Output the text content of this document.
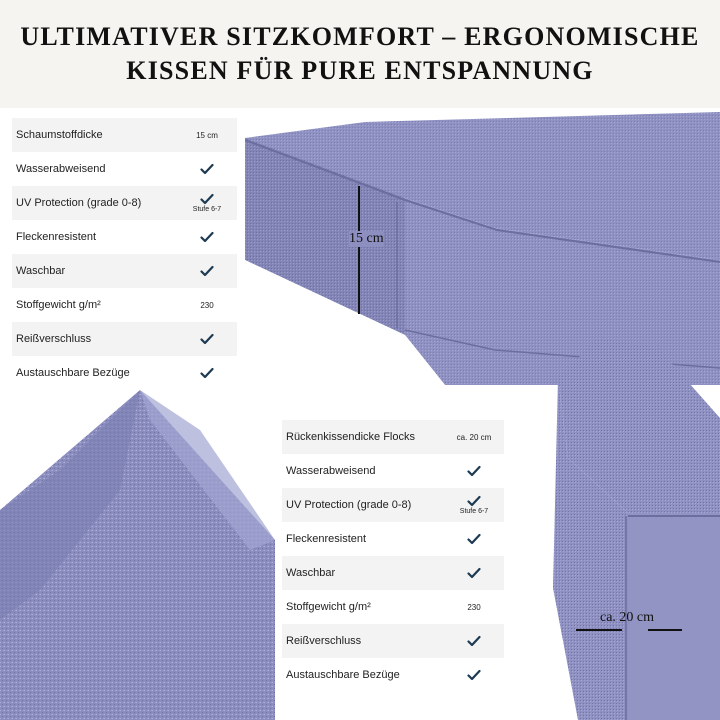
ULTIMATIVER SITZKOMFORT – ERGONOMISCHE
KISSEN FÜR PURE ENTSPANNUNG
Schaumstoffdicke	15 cm
Wasserabweisend
UV Protection (grade 0-8)
Stufe 6-7
Fleckenresistent
Waschbar
Stoffgewicht g/m²	230
Reißverschluss
Austauschbare Bezüge
15 cm
Rückenkissendicke Flocks	ca. 20 cm
Wasserabweisend
UV Protection (grade 0-8)
Stufe 6-7
Fleckenresistent
Waschbar
Stoffgewicht g/m²	230
Reißverschluss
Austauschbare Bezüge
ca. 20 cm
